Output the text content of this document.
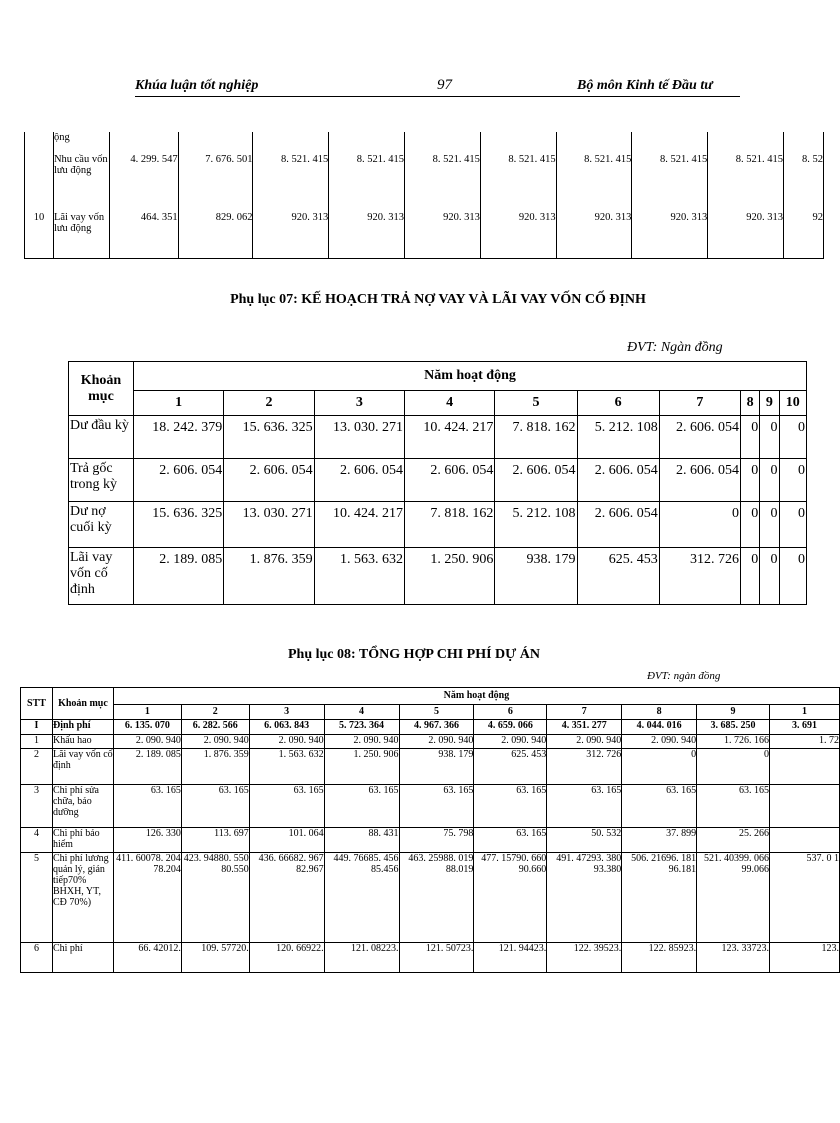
Khúa luận tốt nghiệp	97	Bộ môn Kinh tế Đầu tư
	ộng										
	Nhu cầu vốn lưu động	4. 299. 547	7. 676. 501	8. 521. 415	8. 521. 415	8. 521. 415	8. 521. 415	8. 521. 415	8. 521. 415	8. 521. 415	8. 52
10	Lãi vay vốn lưu động	464. 351	829. 062	920. 313	920. 313	920. 313	920. 313	920. 313	920. 313	920. 313	92
Phụ lục 07: KẾ HOẠCH TRẢ NỢ VAY VÀ LÃI VAY VỐN CỐ ĐỊNH
ĐVT: Ngàn đồng
Khoản mục	Năm hoạt động									
	1	2	3	4	5	6	7	8	9	10
Dư đầu kỳ	18. 242. 379	15. 636. 325	13. 030. 271	10. 424. 217	7. 818. 162	5. 212. 108	2. 606. 054	0	0	0
Trả gốc trong kỳ	2. 606. 054	2. 606. 054	2. 606. 054	2. 606. 054	2. 606. 054	2. 606. 054	2. 606. 054	0	0	0
Dư nợ cuối kỳ	15. 636. 325	13. 030. 271	10. 424. 217	7. 818. 162	5. 212. 108	2. 606. 054	0	0	0	0
Lãi vay vốn cố định	2. 189. 085	1. 876. 359	1. 563. 632	1. 250. 906	938. 179	625. 453	312. 726	0	0	0
Phụ lục 08: TỔNG HỢP CHI PHÍ DỰ ÁN
ĐVT: ngàn đồng
STT	Khoản mục	Năm hoạt động									
		1	2	3	4	5	6	7	8	9	1
I	Định phí	6. 135. 070	6. 282. 566	6. 063. 843	5. 723. 364	4. 967. 366	4. 659. 066	4. 351. 277	4. 044. 016	3. 685. 250	3. 691
1	Khấu hao	2. 090. 940	2. 090. 940	2. 090. 940	2. 090. 940	2. 090. 940	2. 090. 940	2. 090. 940	2. 090. 940	1. 726. 166	1. 72
2	Lãi vay vốn cố định	2. 189. 085	1. 876. 359	1. 563. 632	1. 250. 906	938. 179	625. 453	312. 726	0	0	
3	Chi phí sửa chữa, bảo dưỡng	63. 165	63. 165	63. 165	63. 165	63. 165	63. 165	63. 165	63. 165	63. 165	
4	Chi phí bảo hiểm	126. 330	113. 697	101. 064	88. 431	75. 798	63. 165	50. 532	37. 899	25. 266	
5	Chi phí lương quản lý, gián tiếp70% BHXH, YT, CĐ 70%)	411. 60078. 204 78.204	423. 94880. 550 80.550	436. 66682. 967 82.967	449. 76685. 456 85.456	463. 25988. 019 88.019	477. 15790. 660 90.660	491. 47293. 380 93.380	506. 21696. 181 96.181	521. 40399. 066 99.066	537. 0 1
6	Chi phí	66. 42012.	109. 57720.	120. 66922.	121. 08223.	121. 50723.	121. 94423.	122. 39523.	122. 85923.	123. 33723.	123.
